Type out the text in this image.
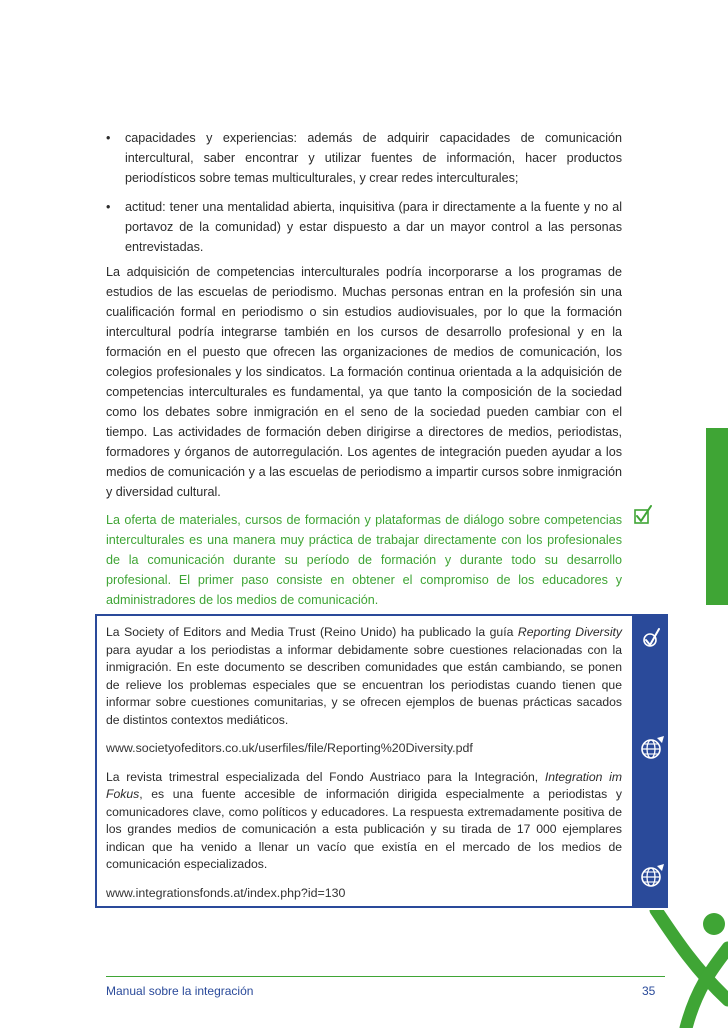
• capacidades y experiencias: además de adquirir capacidades de comunicación intercultural, saber encontrar y utilizar fuentes de información, hacer productos periodísticos sobre temas multiculturales, y crear redes interculturales;
• actitud: tener una mentalidad abierta, inquisitiva (para ir directamente a la fuente y no al portavoz de la comunidad) y estar dispuesto a dar un mayor control a las personas entrevistadas.

La adquisición de competencias interculturales podría incorporarse a los programas de estudios de las escuelas de periodismo. Muchas personas entran en la profesión sin una cualificación formal en periodismo o sin estudios audiovisuales, por lo que la formación intercultural podría integrarse también en los cursos de desarrollo profesional y en la formación en el puesto que ofrecen las organizaciones de medios de comunicación, los colegios profesionales y los sindicatos. La formación continua orientada a la adquisición de competencias interculturales es fundamental, ya que tanto la composición de la sociedad como los debates sobre inmigración en el seno de la sociedad pueden cambiar con el tiempo. Las actividades de formación deben dirigirse a directores de medios, periodistas, formadores y órganos de autorregulación. Los agentes de integración pueden ayudar a los medios de comunicación y a las escuelas de periodismo a impartir cursos sobre inmigración y diversidad cultural.

La oferta de materiales, cursos de formación y plataformas de diálogo sobre competencias interculturales es una manera muy práctica de trabajar directamente con los profesionales de la comunicación durante su período de formación y durante todo su desarrollo profesional. El primer paso consiste en obtener el compromiso de los educadores y administradores de los medios de comunicación.

La Society of Editors and Media Trust (Reino Unido) ha publicado la guía Reporting Diversity para ayudar a los periodistas a informar debidamente sobre cuestiones relacionadas con la inmigración. En este documento se describen comunidades que están cambiando, se ponen de relieve los problemas especiales que se encuentran los periodistas cuando tienen que informar sobre cuestiones comunitarias, y se ofrecen ejemplos de buenas prácticas sacados de distintos contextos mediáticos.

www.societyofeditors.co.uk/userfiles/file/Reporting%20Diversity.pdf

La revista trimestral especializada del Fondo Austriaco para la Integración, Integration im Fokus, es una fuente accesible de información dirigida especialmente a periodistas y comunicadores clave, como políticos y educadores. La respuesta extremadamente positiva de los grandes medios de comunicación a esta publicación y su tirada de 17 000 ejemplares indican que ha venido a llenar un vacío que existía en el mercado de los medios de comunicación especializados.

www.integrationsfonds.at/index.php?id=130

Manual sobre la integración	35
